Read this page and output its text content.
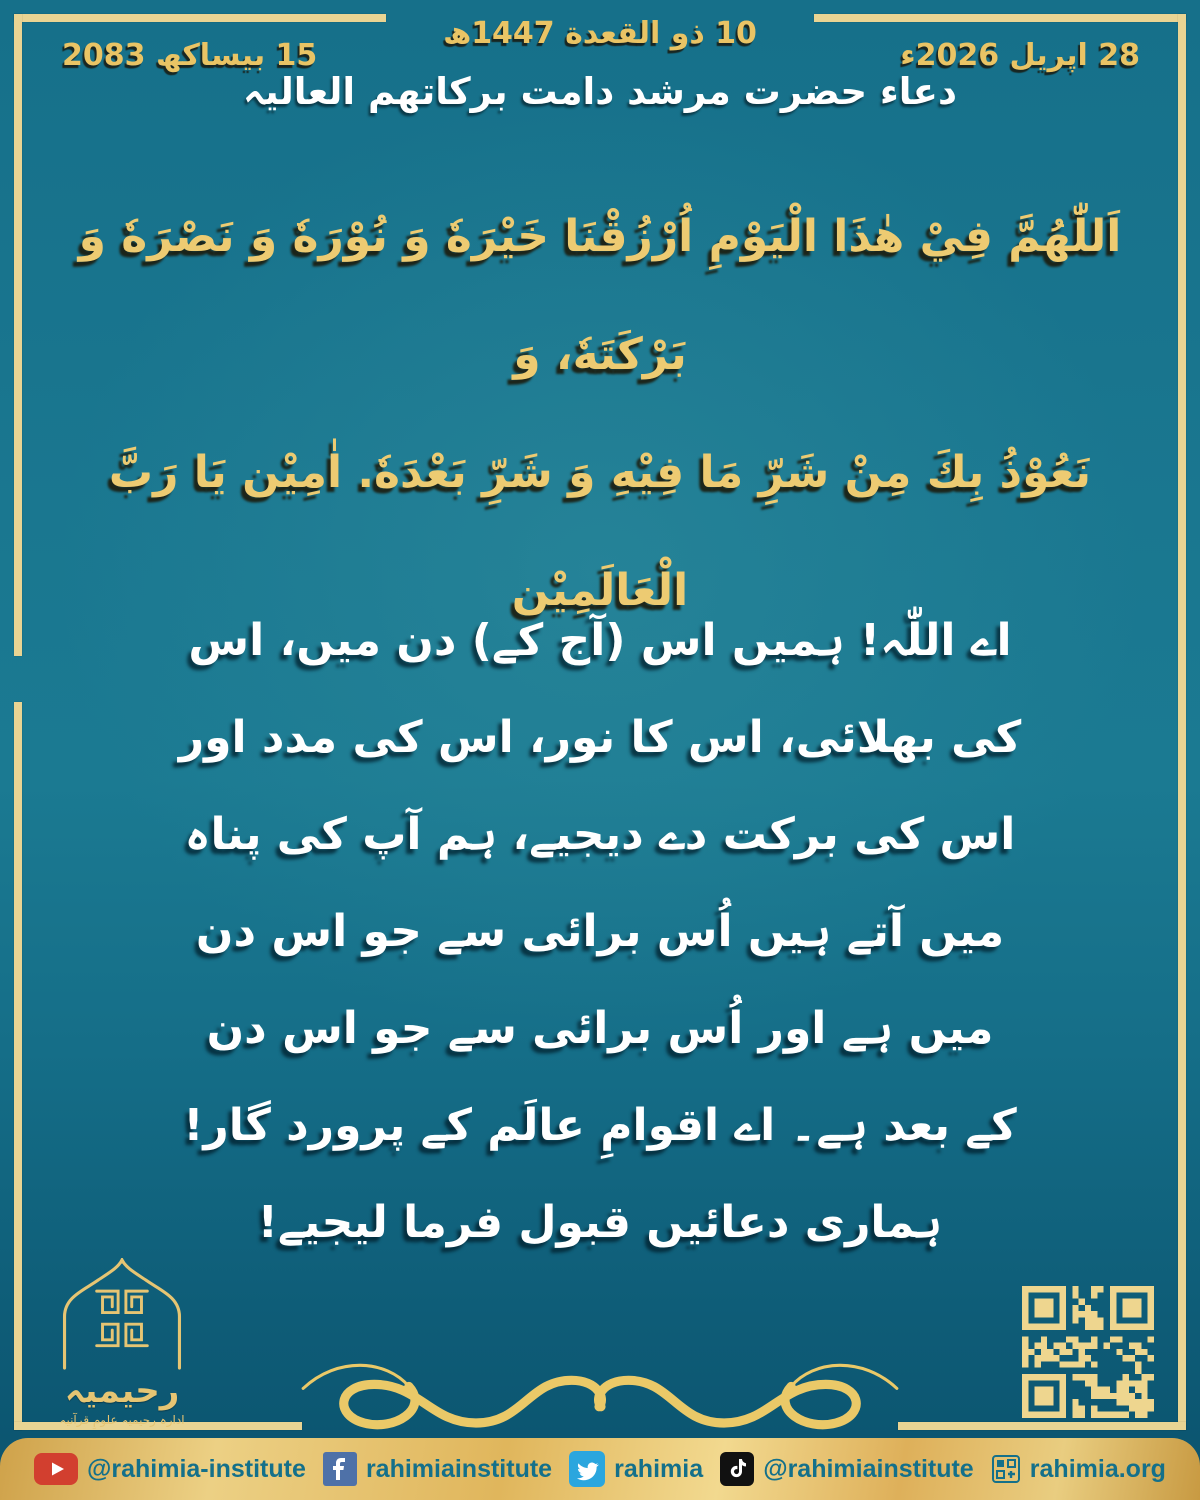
10 ذو القعدة 1447ھ
15 بیساکھ 2083	28 اپریل 2026ء
دعاء حضرت مرشد دامت برکاتھم العالیہ
اَللّٰهُمَّ فِيْ هٰذَا الْيَوْمِ اُرْزُقْنَا خَيْرَهٗ وَ نُوْرَهٗ وَ نَصْرَهٗ وَ بَرْكَتَهٗ، وَ
نَعُوْذُ بِكَ مِنْ شَرِّ مَا فِيْهِ وَ شَرِّ بَعْدَهٗ. اٰمِيْن يَا رَبَّ الْعَالَمِيْن
اے اللّٰہ! ہمیں اس (آج کے) دن میں، اس
کی بھلائی، اس کا نور، اس کی مدد اور
اس کی برکت دے دیجیے، ہم آپ کی پناہ
میں آتے ہیں اُس برائی سے جو اس دن
میں ہے اور اُس برائی سے جو اس دن
کے بعد ہے۔ اے اقوامِ عالَم کے پرورد گار!
ہماری دعائیں قبول فرما لیجیے!
رحیمیہ
ادارہ رحیمیہ علومِ قرآنیہ
@rahimia-institute rahimiainstitute rahimia @rahimiainstitute rahimia.org
